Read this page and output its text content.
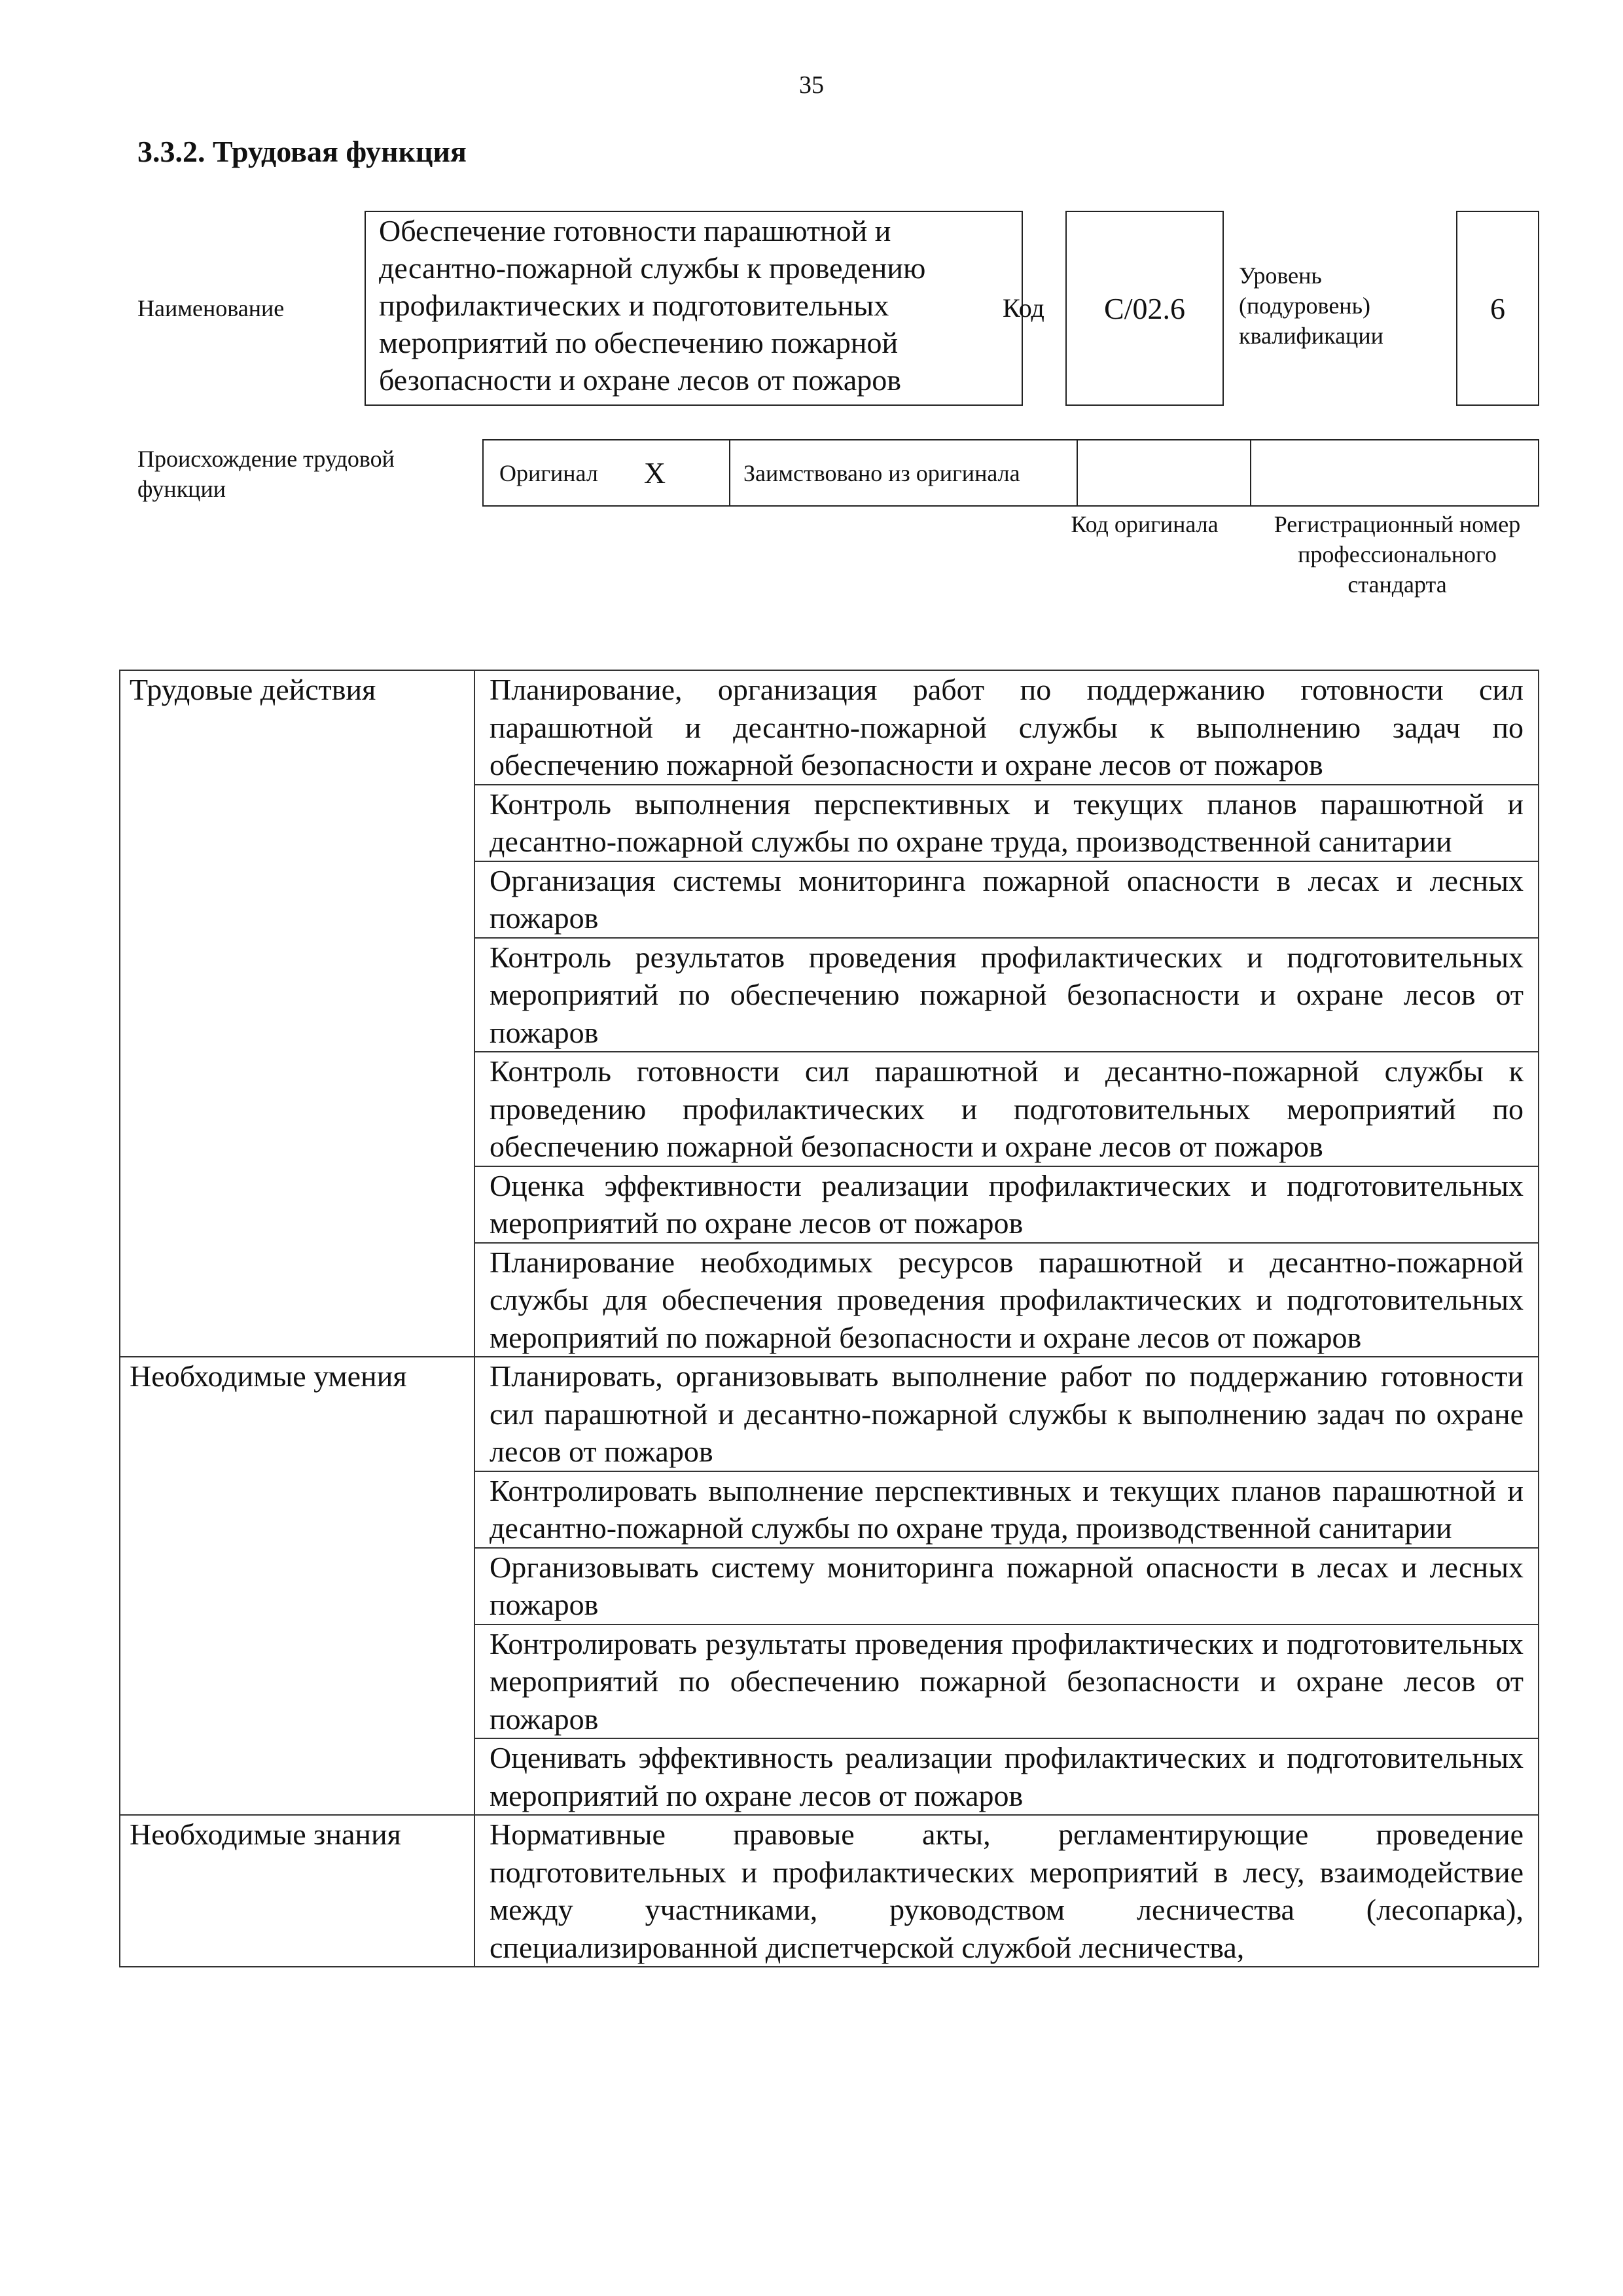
35
3.3.2. Трудовая функция
Наименование
Обеспечение готовности парашютной и десантно-пожарной службы к проведению профилактических и подготовительных мероприятий по обеспечению пожарной безопасности и охране лесов от пожаров
Код C/02.6
Уровень (подуровень) квалификации
6
Происхождение трудовой функции
Оригинал X	Заимствовано из оригинала
Код оригинала	Регистрационный номер профессионального стандарта
Трудовые действия	Планирование, организация работ по поддержанию готовности сил парашютной и десантно-пожарной службы к выполнению задач по обеспечению пожарной безопасности и охране лесов от пожаров
	Контроль выполнения перспективных и текущих планов парашютной и десантно-пожарной службы по охране труда, производственной санитарии
	Организация системы мониторинга пожарной опасности в лесах и лесных пожаров
	Контроль результатов проведения профилактических и подготовительных мероприятий по обеспечению пожарной безопасности и охране лесов от пожаров
	Контроль готовности сил парашютной и десантно-пожарной службы к проведению профилактических и подготовительных мероприятий по обеспечению пожарной безопасности и охране лесов от пожаров
	Оценка эффективности реализации профилактических и подготовительных мероприятий по охране лесов от пожаров
	Планирование необходимых ресурсов парашютной и десантно-пожарной службы для обеспечения проведения профилактических и подготовительных мероприятий по пожарной безопасности и охране лесов от пожаров
Необходимые умения	Планировать, организовывать выполнение работ по поддержанию готовности сил парашютной и десантно-пожарной службы к выполнению задач по охране лесов от пожаров
	Контролировать выполнение перспективных и текущих планов парашютной и десантно-пожарной службы по охране труда, производственной санитарии
	Организовывать систему мониторинга пожарной опасности в лесах и лесных пожаров
	Контролировать результаты проведения профилактических и подготовительных мероприятий по обеспечению пожарной безопасности и охране лесов от пожаров
	Оценивать эффективность реализации профилактических и подготовительных мероприятий по охране лесов от пожаров
Необходимые знания	Нормативные правовые акты, регламентирующие проведение подготовительных и профилактических мероприятий в лесу, взаимодействие между участниками, руководством лесничества (лесопарка), специализированной диспетчерской службой лесничества,
